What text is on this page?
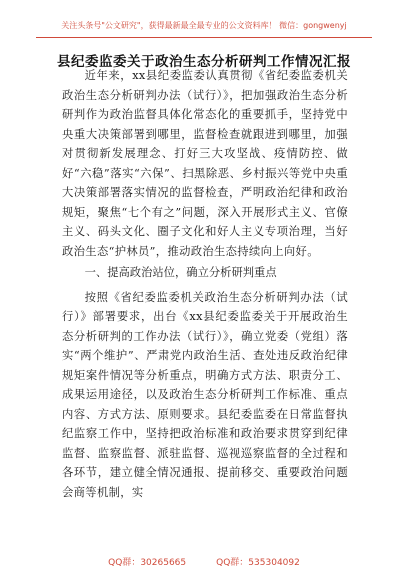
关注头条号"公文研究"，获得最新最全最专业的公文资料库！ 微信：gongwenyj
县纪委监委关于政治生态分析研判工作情况汇报

近年来，xx县纪委监委认真贯彻《省纪委监委机关政治生态分析研判办法（试行）》，把加强政治生态分析研判作为政治监督具体化常态化的重要抓手，坚持党中央重大决策部署到哪里，监督检查就跟进到哪里，加强对贯彻新发展理念、打好三大攻坚战、疫情防控、做好“六稳”落实“六保”、扫黑除恶、乡村振兴等党中央重大决策部署落实情况的监督检查，严明政治纪律和政治规矩，聚焦“七个有之”问题，深入开展形式主义、官僚主义、码头文化、圈子文化和好人主义专项治理，当好政治生态“护林员”，推动政治生态持续向上向好。

一、提高政治站位，确立分析研判重点

按照《省纪委监委机关政治生态分析研判办法（试行）》部署要求，出台《xx县纪委监委关于开展政治生态分析研判的工作办法（试行）》，确立党委（党组）落实“两个维护”、严肃党内政治生活、查处违反政治纪律规矩案件情况等分析重点，明确方式方法、职责分工、成果运用途径，以及政治生态分析研判工作标准、重点内容、方式方法、原则要求。县纪委监委在日常监督执纪监察工作中，坚持把政治标准和政治要求贯穿到纪律监督、监察监督、派驻监督、巡视巡察监督的全过程和各环节，建立健全情况通报、提前移交、重要政治问题会商等机制，实

QQ群：30265665	QQ群：535304092
